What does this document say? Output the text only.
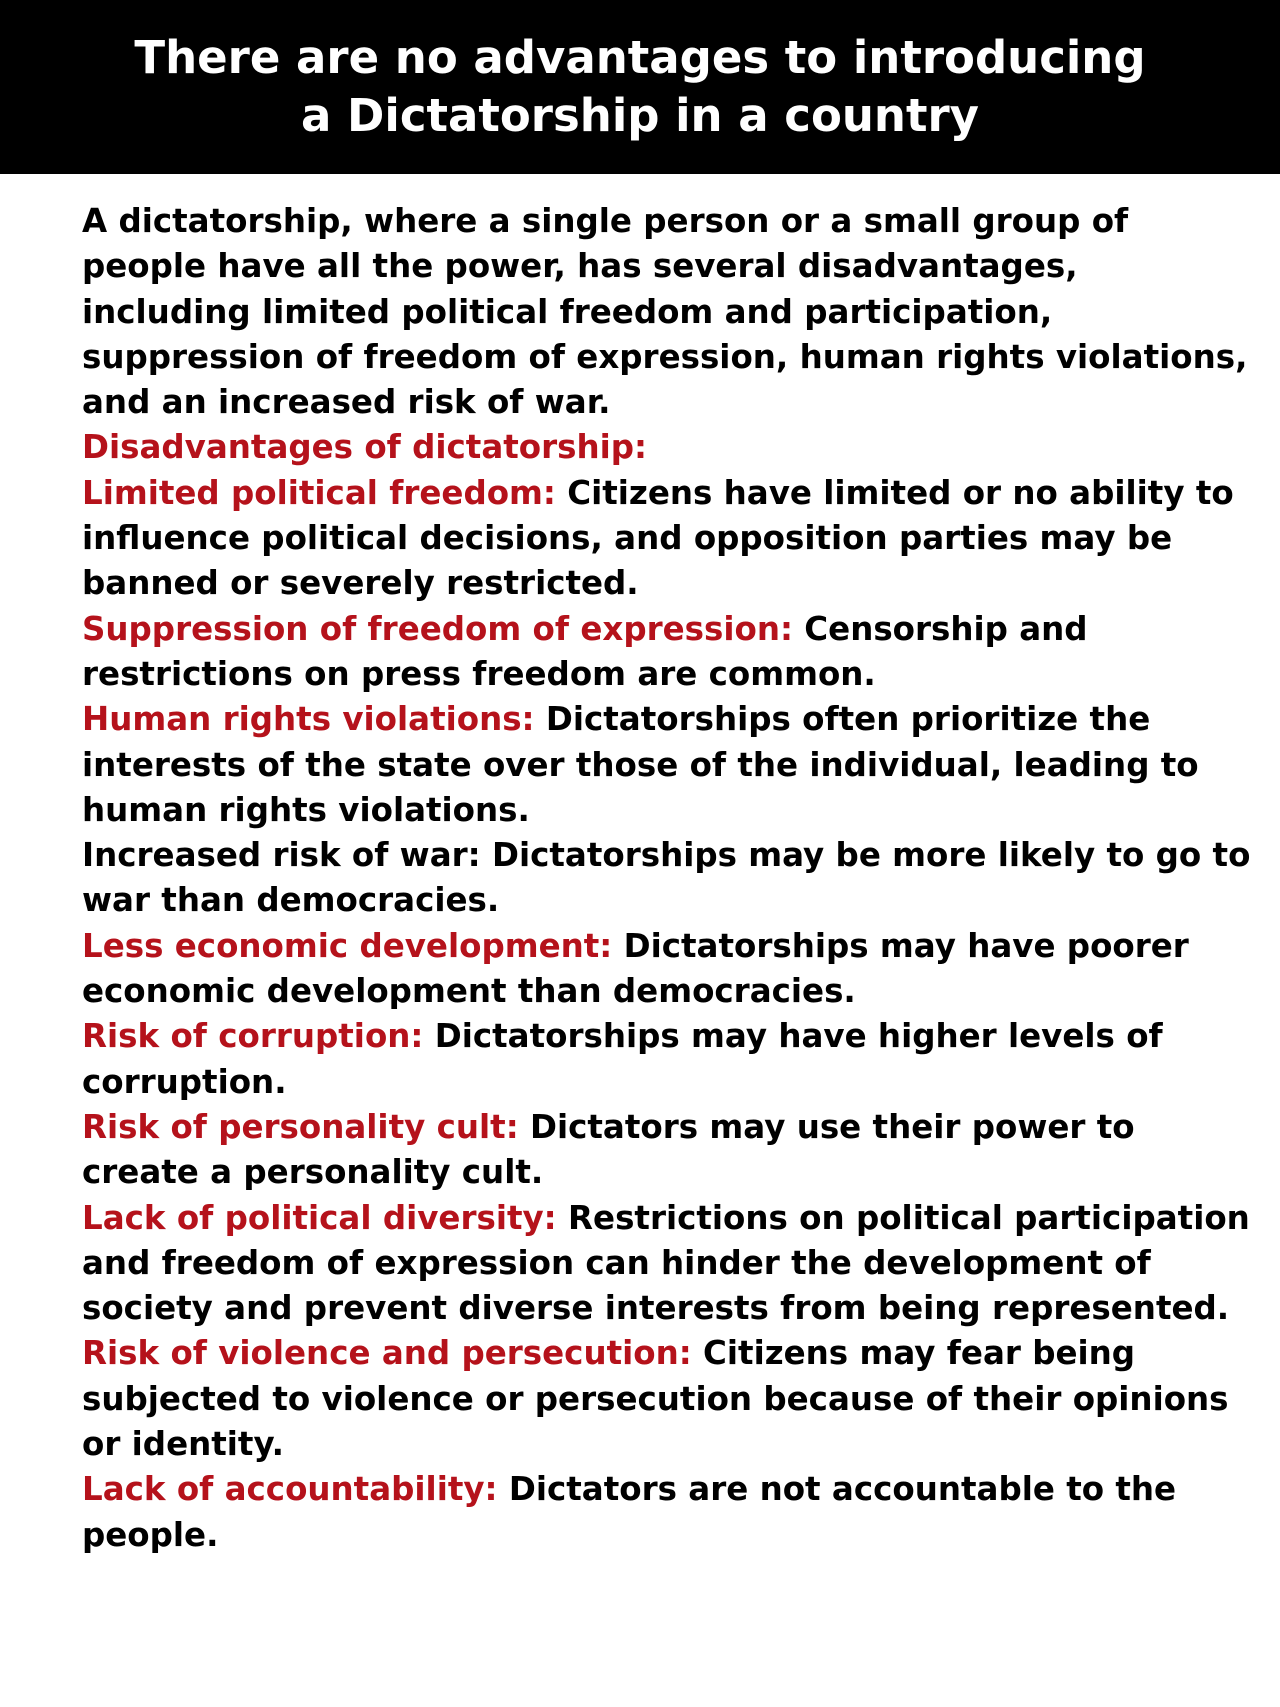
There are no advantages to introducing
a Dictatorship in a country

A dictatorship, where a single person or a small group of people have all the power, has several disadvantages, including limited political freedom and participation, suppression of freedom of expression, human rights violations, and an increased risk of war.

Disadvantages of dictatorship:

Limited political freedom: Citizens have limited or no ability to influence political decisions, and opposition parties may be banned or severely restricted.

Suppression of freedom of expression: Censorship and restrictions on press freedom are common.

Human rights violations: Dictatorships often prioritize the interests of the state over those of the individual, leading to human rights violations.

Increased risk of war: Dictatorships may be more likely to go to war than democracies.

Less economic development: Dictatorships may have poorer economic development than democracies.

Risk of corruption: Dictatorships may have higher levels of corruption.

Risk of personality cult: Dictators may use their power to create a personality cult.

Lack of political diversity: Restrictions on political participation and freedom of expression can hinder the development of society and prevent diverse interests from being represented.

Risk of violence and persecution: Citizens may fear being subjected to violence or persecution because of their opinions or identity.

Lack of accountability: Dictators are not accountable to the people.
